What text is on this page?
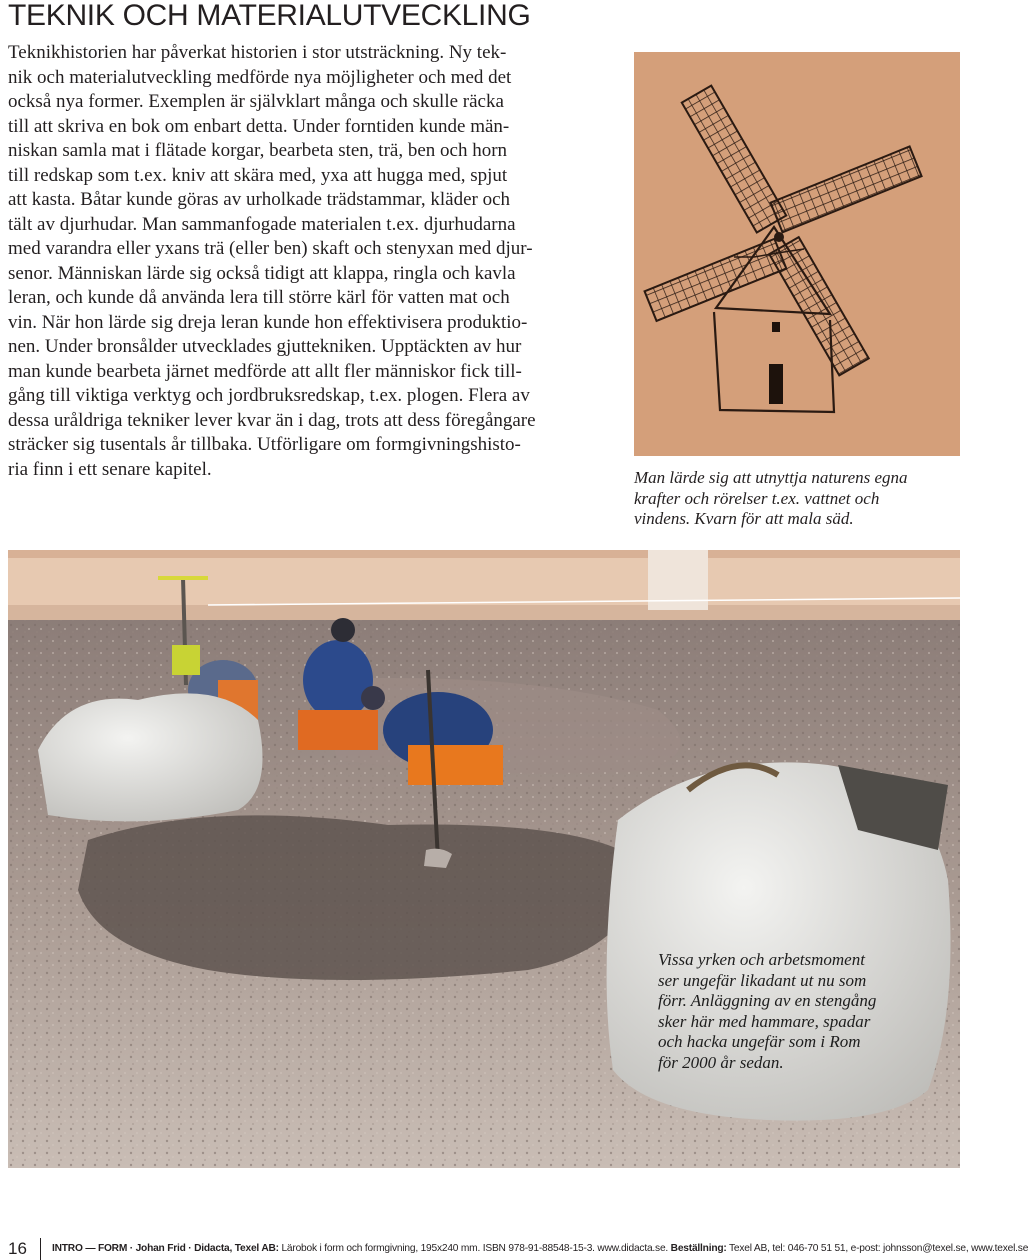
TEKNIK OCH MATERIALUTVECKLING
Teknikhistorien har påverkat historien i stor utsträckning. Ny tek-
nik och materialutveckling medförde nya möjligheter och med det
också nya former. Exemplen är självklart många och skulle räcka
till att skriva en bok om enbart detta. Under forntiden kunde män-
niskan samla mat i flätade korgar, bearbeta sten, trä, ben och horn
till redskap som t.ex. kniv att skära med, yxa att hugga med, spjut
att kasta. Båtar kunde göras av urholkade trädstammar, kläder och
tält av djurhudar. Man sammanfogade materialen t.ex. djurhudarna
med varandra eller yxans trä (eller ben) skaft och stenyxan med djur-
senor. Människan lärde sig också tidigt att klappa, ringla och kavla
leran, och kunde då använda lera till större kärl för vatten mat och
vin. När hon lärde sig dreja leran kunde hon effektivisera produktio-
nen. Under bronsålder utvecklades gjuttekniken. Upptäckten av hur
man kunde bearbeta järnet medförde att allt fler människor fick till-
gång till viktiga verktyg och jordbruksredskap, t.ex. plogen. Flera av
dessa uråldriga tekniker lever kvar än i dag, trots att dess föregångare
sträcker sig tusentals år tillbaka. Utförligare om formgivningshisto-
ria finn i ett senare kapitel.	Man lärde sig att utnyttja naturens egna
krafter och rörelser t.ex. vattnet och
vindens. Kvarn för att mala säd.

Vissa yrken och arbetsmoment
ser ungefär likadant ut nu som
förr. Anläggning av en stengång
sker här med hammare, spadar
och hacka ungefär som i Rom
för 2000 år sedan.

16 INTRO — FORM · Johan Frid · Didacta, Texel AB: Lärobok i form och formgivning, 195x240 mm. ISBN 978-91-88548-15-3. www.didacta.se. Beställning: Texel AB, tel: 046-70 51 51, e-post: johnsson@texel.se, www.texel.se
